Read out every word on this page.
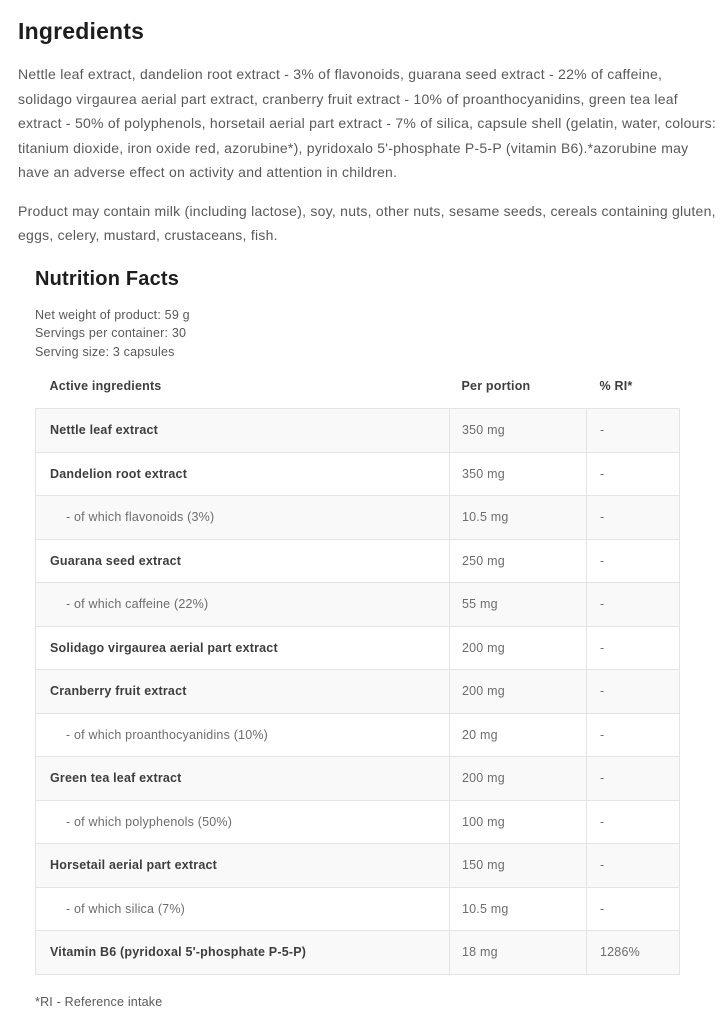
Ingredients

Nettle leaf extract, dandelion root extract - 3% of flavonoids, guarana seed extract - 22% of caffeine, solidago virgaurea aerial part extract, cranberry fruit extract - 10% of proanthocyanidins, green tea leaf extract - 50% of polyphenols, horsetail aerial part extract - 7% of silica, capsule shell (gelatin, water, colours: titanium dioxide, iron oxide red, azorubine*), pyridoxalo 5'-phosphate P-5-P (vitamin B6).*azorubine may have an adverse effect on activity and attention in children.

Product may contain milk (including lactose), soy, nuts, other nuts, sesame seeds, cereals containing gluten, eggs, celery, mustard, crustaceans, fish.

Nutrition Facts
Net weight of product: 59 g
Servings per container: 30
Serving size: 3 capsules
Active ingredients	Per portion	% RI*
Nettle leaf extract	350 mg	-
Dandelion root extract	350 mg	-
- of which flavonoids (3%)	10.5 mg	-
Guarana seed extract	250 mg	-
- of which caffeine (22%)	55 mg	-
Solidago virgaurea aerial part extract	200 mg	-
Cranberry fruit extract	200 mg	-
- of which proanthocyanidins (10%)	20 mg	-
Green tea leaf extract	200 mg	-
- of which polyphenols (50%)	100 mg	-
Horsetail aerial part extract	150 mg	-
- of which silica (7%)	10.5 mg	-
Vitamin B6 (pyridoxal 5'-phosphate P-5-P)	18 mg	1286%

*RI - Reference intake
